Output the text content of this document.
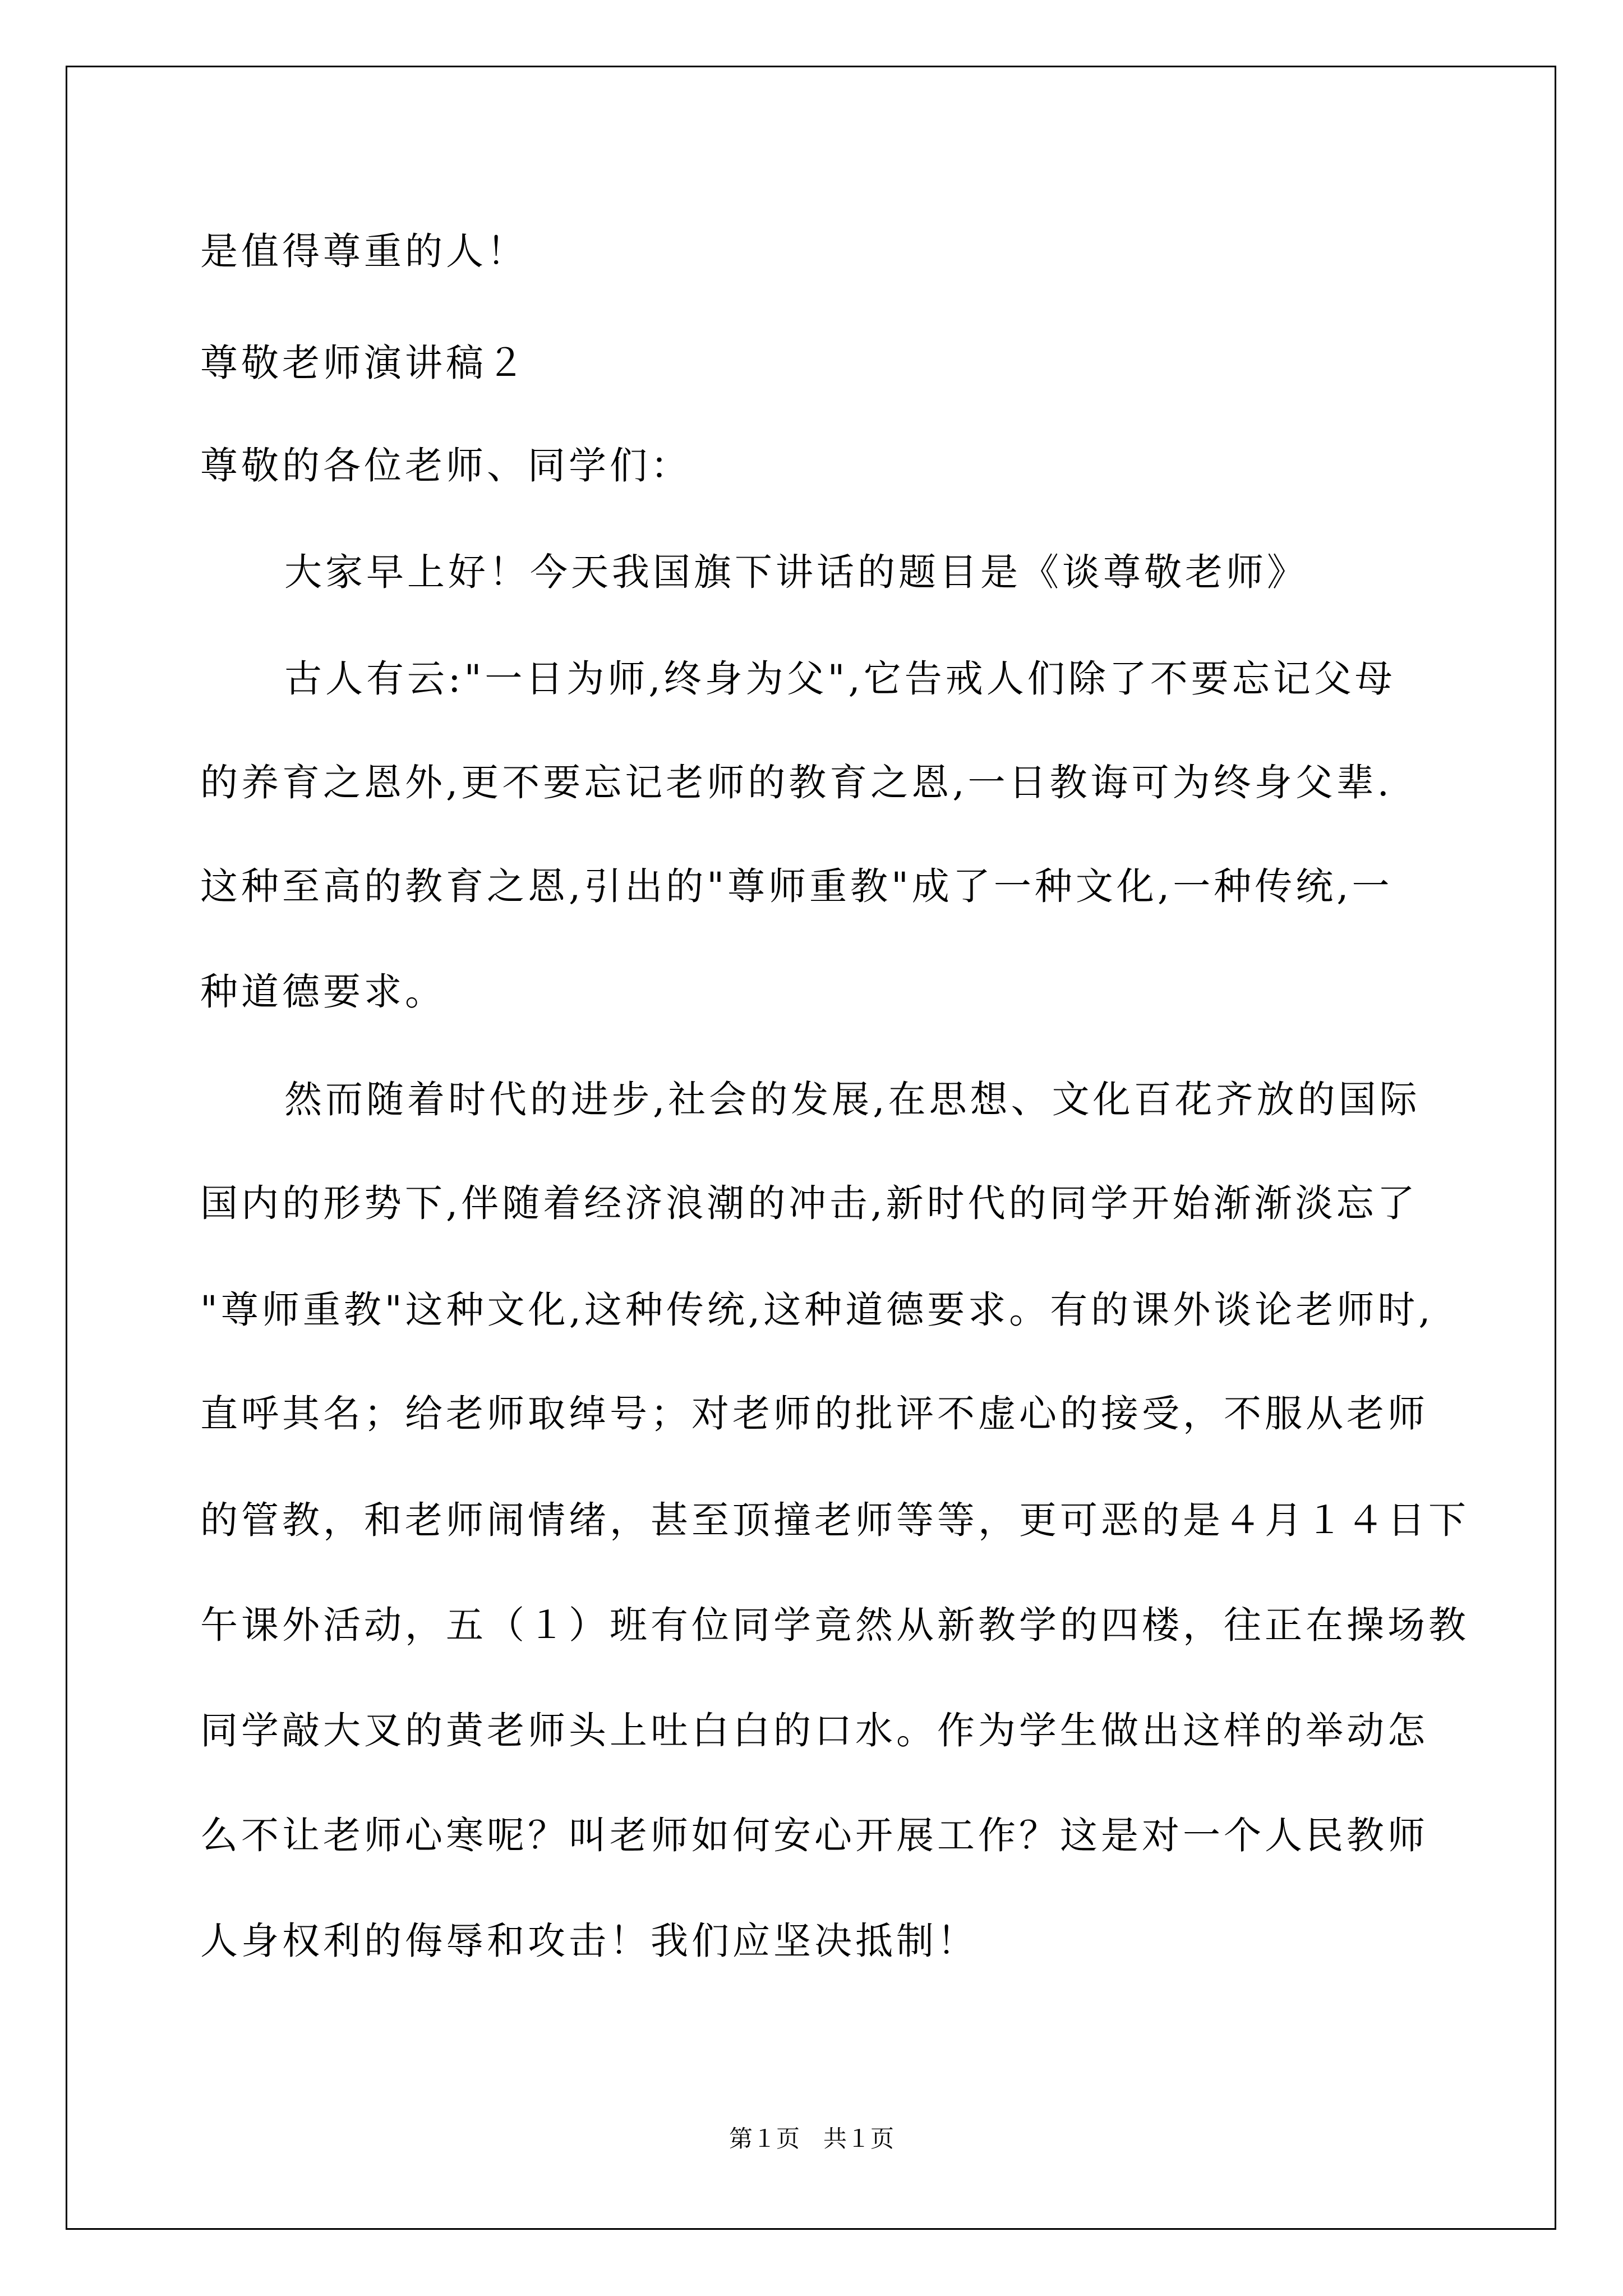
是值得尊重的人！
尊敬老师演讲稿２
尊敬的各位老师、同学们：
大家早上好！今天我国旗下讲话的题目是《谈尊敬老师》
古人有云:"一日为师,终身为父",它告戒人们除了不要忘记父母
的养育之恩外,更不要忘记老师的教育之恩,一日教诲可为终身父辈.
这种至高的教育之恩,引出的"尊师重教"成了一种文化,一种传统,一
种道德要求。
然而随着时代的进步,社会的发展,在思想、文化百花齐放的国际
国内的形势下,伴随着经济浪潮的冲击,新时代的同学开始渐渐淡忘了
"尊师重教"这种文化,这种传统,这种道德要求。有的课外谈论老师时,
直呼其名；给老师取绰号；对老师的批评不虚心的接受，不服从老师
的管教，和老师闹情绪，甚至顶撞老师等等，更可恶的是４月１４日下
午课外活动，五（１）班有位同学竟然从新教学的四楼，往正在操场教
同学敲大叉的黄老师头上吐白白的口水。作为学生做出这样的举动怎
么不让老师心寒呢？叫老师如何安心开展工作？这是对一个人民教师
人身权利的侮辱和攻击！我们应坚决抵制！
第１页　共１页
